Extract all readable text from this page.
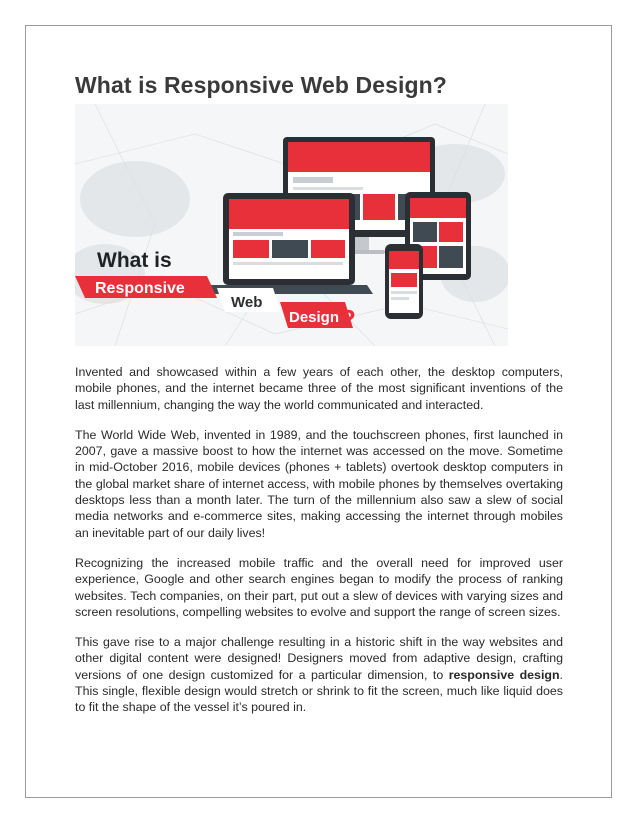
What is Responsive Web Design?
What is
Responsive
Web
Design ?

Invented and showcased within a few years of each other, the desktop computers, mobile phones, and the internet became three of the most significant inventions of the last millennium, changing the way the world communicated and interacted.

The World Wide Web, invented in 1989, and the touchscreen phones, first launched in 2007, gave a massive boost to how the internet was accessed on the move. Sometime in mid-October 2016, mobile devices (phones + tablets) overtook desktop computers in the global market share of internet access, with mobile phones by themselves overtaking desktops less than a month later. The turn of the millennium also saw a slew of social media networks and e-commerce sites, making accessing the internet through mobiles an inevitable part of our daily lives!

Recognizing the increased mobile traffic and the overall need for improved user experience, Google and other search engines began to modify the process of ranking websites. Tech companies, on their part, put out a slew of devices with varying sizes and screen resolutions, compelling websites to evolve and support the range of screen sizes.

This gave rise to a major challenge resulting in a historic shift in the way websites and other digital content were designed! Designers moved from adaptive design, crafting versions of one design customized for a particular dimension, to responsive design. This single, flexible design would stretch or shrink to fit the screen, much like liquid does to fit the shape of the vessel it’s poured in.
